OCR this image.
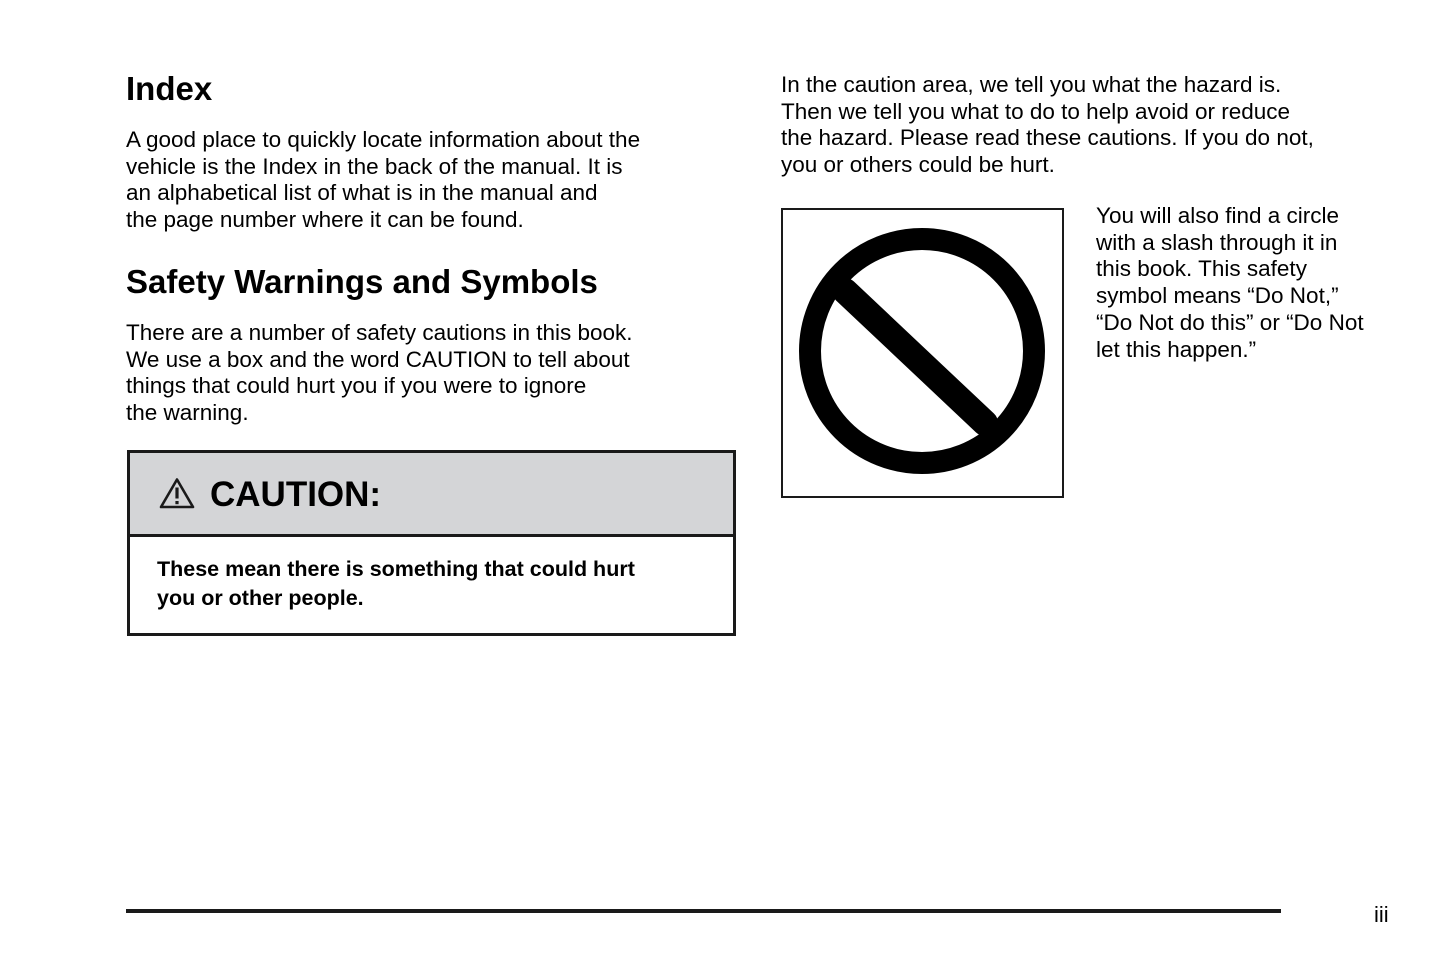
Index

A good place to quickly locate information about the
vehicle is the Index in the back of the manual. It is
an alphabetical list of what is in the manual and
the page number where it can be found.

Safety Warnings and Symbols

There are a number of safety cautions in this book.
We use a box and the word CAUTION to tell about
things that could hurt you if you were to ignore
the warning.

CAUTION:

These mean there is something that could hurt
you or other people.

In the caution area, we tell you what the hazard is.
Then we tell you what to do to help avoid or reduce
the hazard. Please read these cautions. If you do not,
you or others could be hurt.

You will also find a circle
with a slash through it in
this book. This safety
symbol means “Do Not,”
“Do Not do this” or “Do Not
let this happen.”

iii
